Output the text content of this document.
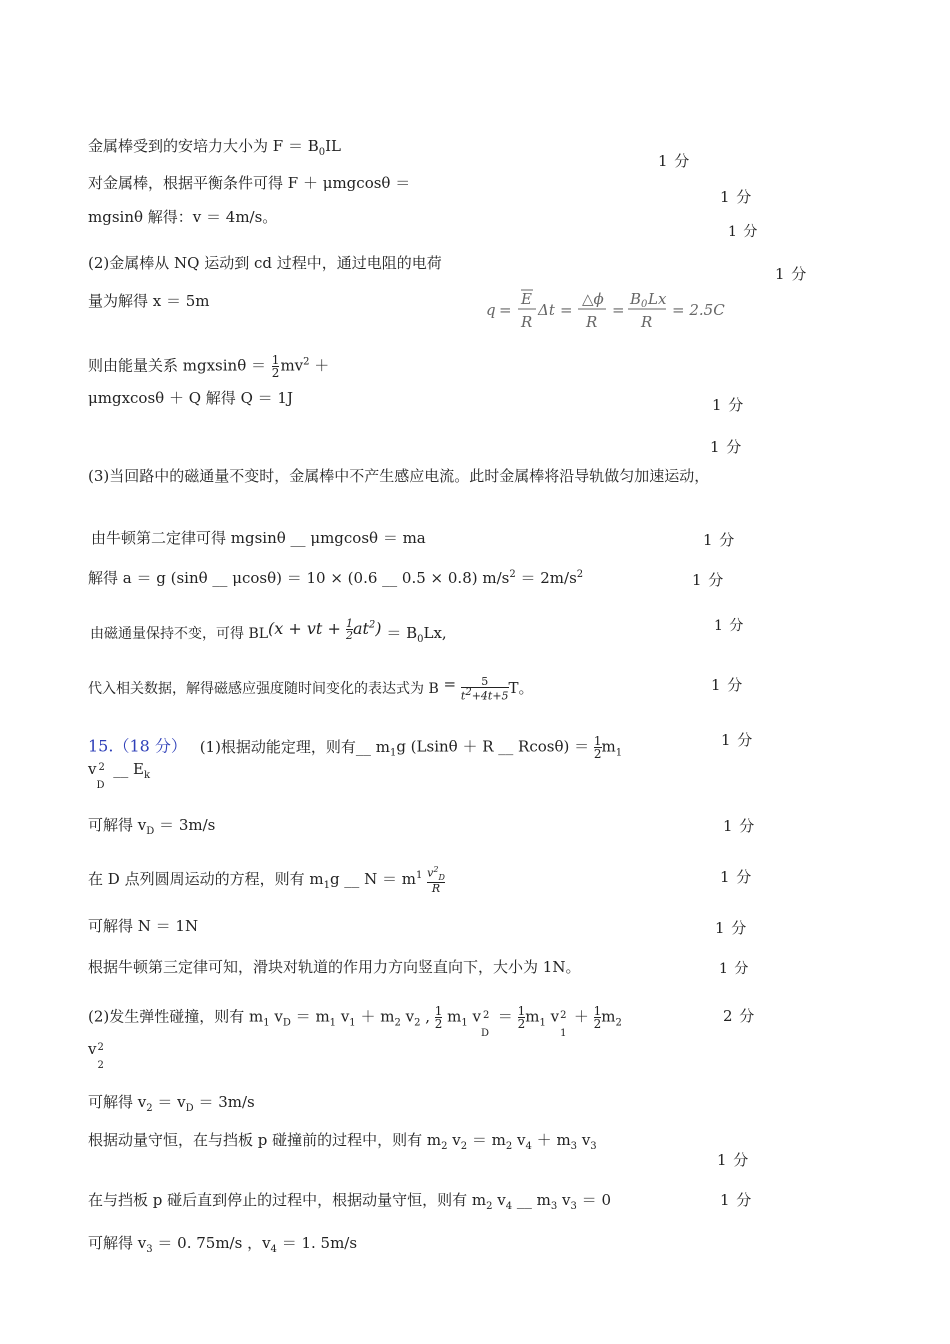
金属棒受到的安培力大小为 $F = B_0IL$
1 分
对金属棒，根据平衡条件可得 F ＋ μmgcosθ ＝
1 分
mgsinθ 解得：v ＝ 4m/s。
1 分
(2)金属棒从 NQ 运动到 cd 过程中，通过电阻的电荷
1 分
量为解得 x ＝ 5m	q =
E
R
Δt =
△ϕ
R
=
B 0 Lx
R
= 2.5C
则由能量关系 $mgxsin\theta = \frac{1}{2} mv^2$ ＋
μmgxcosθ ＋ Q 解得 Q ＝ 1J	1 分
1 分
(3)当回路中的磁通量不变时，金属棒中不产生感应电流。此时金属棒将沿导轨做匀加速运动，
由牛顿第二定律可得 mgsinθ __ μmgcosθ ＝ ma	1 分
解得 a ＝ g (sinθ __ μcosθ) ＝ 10 × (0.6 __ 0.5 × 0.8) $m/s^2 = 2m/s^2$	1 分
由磁通量保持不变，可得 BL(x + vt + $\frac{1}{2} at^2) = B_0Lx$,	1 分
代入相关数据，解得磁感应强度随时间变化的表达式为 $B = \frac{5}{t^2+4t+5}$ T。	1 分
15.（18 分） (1)根据动能定理，则有__ $m_1g$ (Lsinθ ＋ R __ $Rcos\theta) = \frac{1}{2} m_1$
1 分
v 2
D
__ $E_k$
可解得 $v_D = 3m/s$	1 分
在 D 点列圆周运动的方程，则有 $m_1g$ __ $N = m^1 \frac{v^2_D}{R}$	1 分
可解得 N ＝ 1N	1 分
根据牛顿第三定律可知，滑块对轨道的作用力方向竖直向下，大小为 1N。	1 分
(2)发生弹性碰撞，则有 $m_1$ $v_D = m_1$ $v_1 + m_2$ $v_2$ , $\frac{1}{2} m_1$ v 2
D
＝ $\frac{1}{2} m_1$ v 2
1
＋ $\frac{1}{2} m_2$	2 分
v 2
2
可解得 $v_2 = v_D = 3m/s$
根据动量守恒，在与挡板 p 碰撞前的过程中，则有 $m_2$ $v_2 = m_2$ $v_4 + m_3$ $v_3$
1 分
在与挡板 p 碰后直到停止的过程中，根据动量守恒，则有 $m_2$ $v_4$ __ $m_3$ $v_3 = 0$	1 分
可解得 $v_3 = 0$. 75m/s ，$v_4 = 1$. 5m/s
